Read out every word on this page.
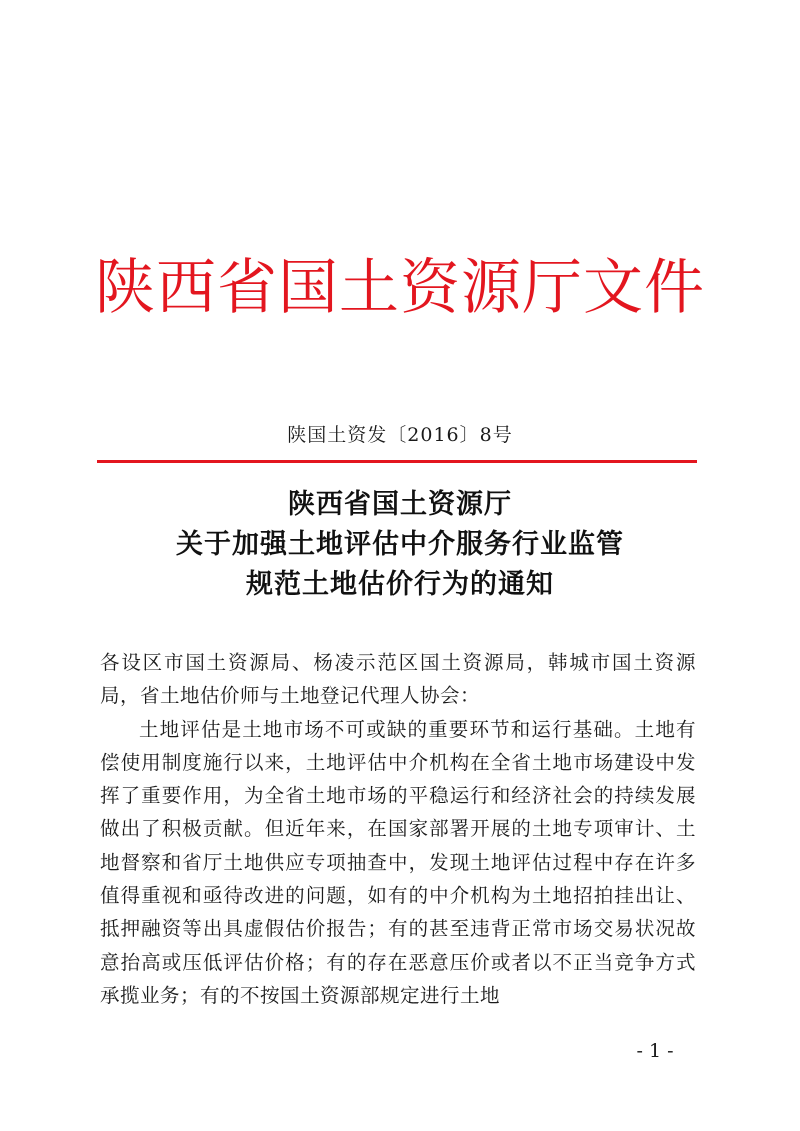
陕西省国土资源厅文件
陕国土资发〔2016〕8号
陕西省国土资源厅
关于加强土地评估中介服务行业监管
规范土地估价行为的通知

各设区市国土资源局、杨凌示范区国土资源局，韩城市国土资源局，省土地估价师与土地登记代理人协会：

土地评估是土地市场不可或缺的重要环节和运行基础。土地有偿使用制度施行以来，土地评估中介机构在全省土地市场建设中发挥了重要作用，为全省土地市场的平稳运行和经济社会的持续发展做出了积极贡献。但近年来，在国家部署开展的土地专项审计、土地督察和省厅土地供应专项抽查中，发现土地评估过程中存在许多值得重视和亟待改进的问题，如有的中介机构为土地招拍挂出让、抵押融资等出具虚假估价报告；有的甚至违背正常市场交易状况故意抬高或压低评估价格；有的存在恶意压价或者以不正当竞争方式承揽业务；有的不按国土资源部规定进行土地

- 1 -
